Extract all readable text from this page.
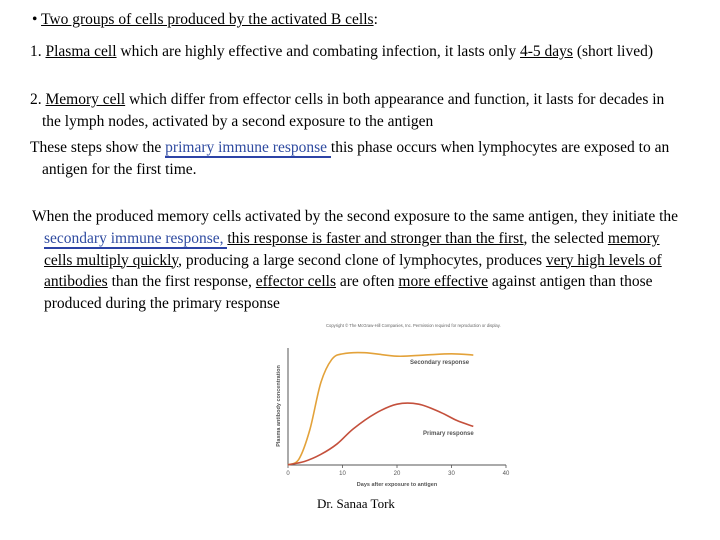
• Two groups of cells produced by the activated B cells:
1. Plasma cell which are highly effective and combating infection, it lasts only 4-5 days (short lived)
2. Memory cell which differ from effector cells in both appearance and function, it lasts for decades in the lymph nodes, activated by a second exposure to the antigen
These steps show the primary immune response this phase occurs when lymphocytes are exposed to an antigen for the first time.
When the produced memory cells activated by the second exposure to the same antigen, they initiate the secondary immune response, this response is faster and stronger than the first, the selected memory cells multiply quickly, producing a large second clone of lymphocytes, produces very high levels of antibodies than the first response, effector cells are often more effective against antigen than those produced during the primary response
Copyright © The McGraw-Hill Companies, Inc. Permission required for reproduction or display.
0	10	20	30	40
Secondary response
Primary response
Days after exposure to antigen
Plasma antibody concentration
Dr. Sanaa Tork
